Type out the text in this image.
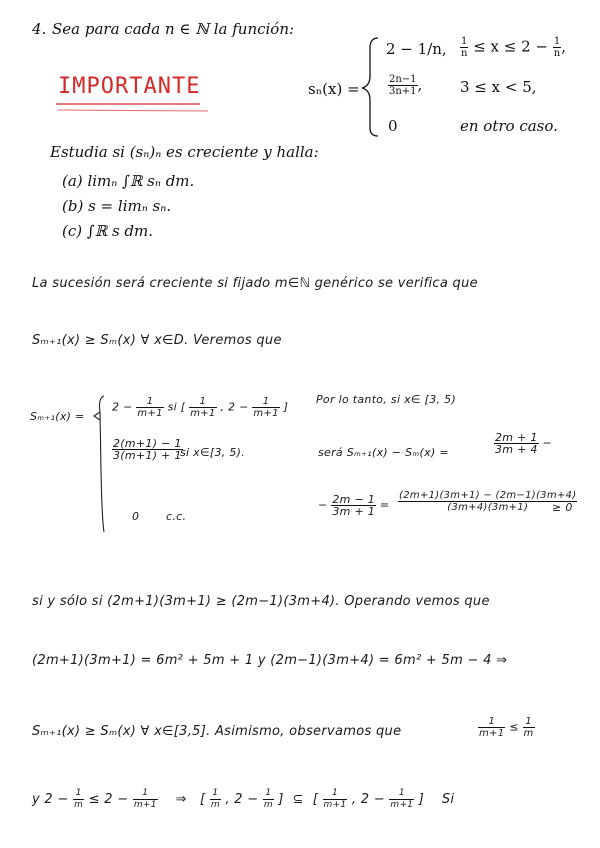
4. Sea para cada n ∈ ℕ la función:
IMPORTANTE	sₙ(x) =
2 − 1/n, $\frac{1}{n} \le x \le 2 - \frac{1}{n}$ ,
$\frac{2n-1}{3n+1}$ ,	3 ≤ x < 5,
0	en otro caso.
Estudia si (sₙ)ₙ es creciente y halla:
(a) limₙ ∫ℝ sₙ dm.
(b) s = limₙ sₙ.
(c) ∫ℝ s dm.
La sucesión será creciente si fijado m∈ℕ genérico se verifica que
Sₘ₊₁(x) ≥ Sₘ(x) ∀ x∈D. Veremos que
Sₘ₊₁(x) =
$2 - \frac{1}{m+1}$ si [ $\frac{1}{m+1}$ , $2 - \frac{1}{m+1}$ ]
$\frac{2(m+1) - 1}{3(m+1) + 1}$
si x∈[3, 5).
0 c.c.
Por lo tanto, si x∈ [3, 5)
será Sₘ₊₁(x) − Sₘ(x) =	$\frac{2m + 1}{3m + 4}$ −
− $\frac{2m - 1}{3m + 1} = \frac{(2m+1)(3m+1) - (2m-1)(3m+4)}{(3m+4)(3m+1)}$
≥ 0
si y sólo si (2m+1)(3m+1) ≥ (2m−1)(3m+4). Operando vemos que
(2m+1)(3m+1) = 6m² + 5m + 1 y (2m−1)(3m+4) = 6m² + 5m − 4 ⇒
Sₘ₊₁(x) ≥ Sₘ(x) ∀ x∈[3,5]. Asimismo, observamos que	$\frac{1}{m+1} \le \frac{1}{m}$
y $2 - \frac{1}{m} \le 2 - \frac{1}{m+1}$ ⇒ [ $\frac{1}{m}$ , $2 - \frac{1}{m}$ ] ⊆ [ $\frac{1}{m+1}$ , $2 - \frac{1}{m+1}$ ] Si
